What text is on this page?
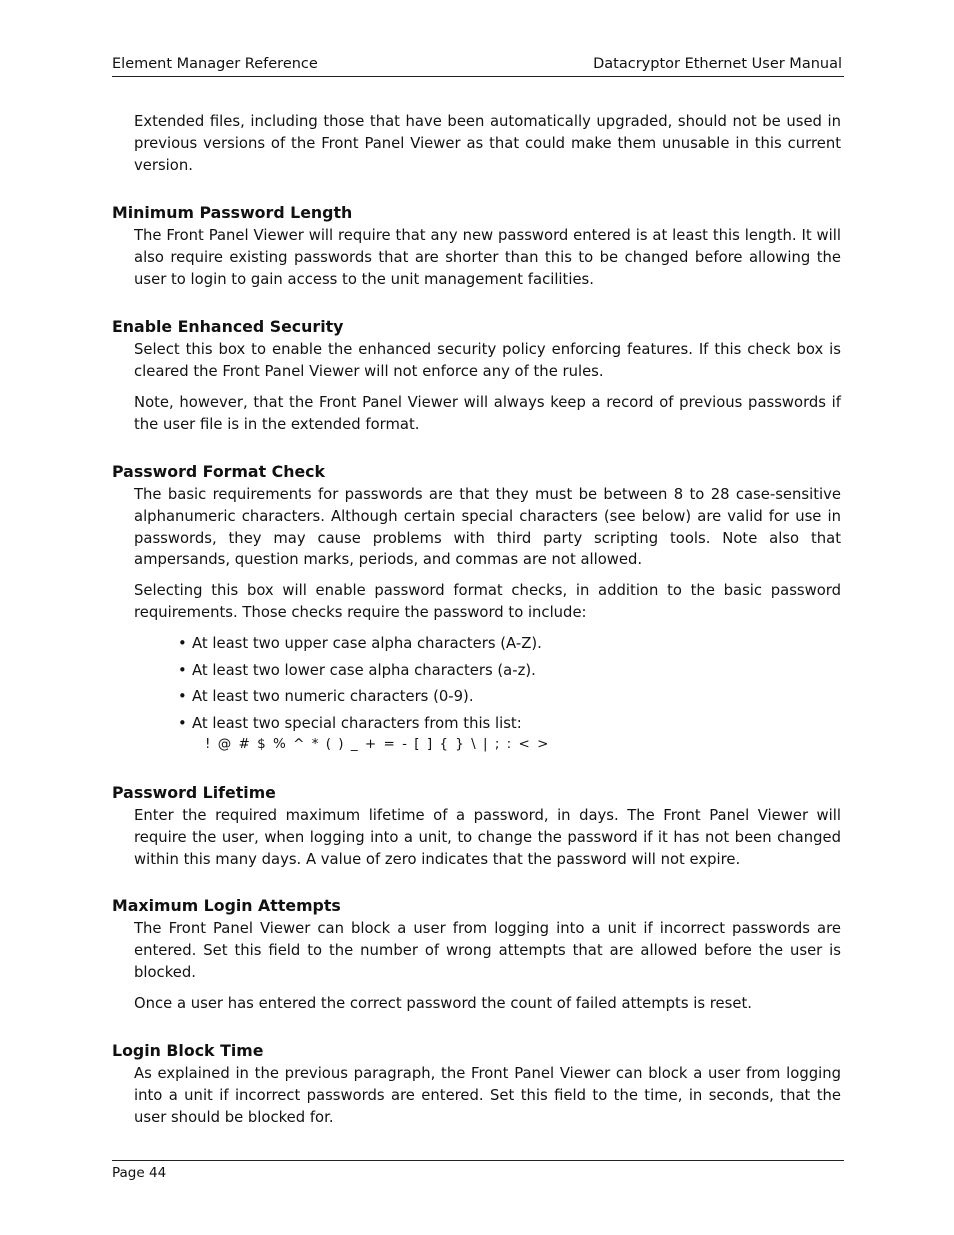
Element Manager Reference	Datacryptor Ethernet User Manual

Extended files, including those that have been automatically upgraded, should not be used in previous versions of the Front Panel Viewer as that could make them unusable in this current version.

Minimum Password Length

The Front Panel Viewer will require that any new password entered is at least this length. It will also require existing passwords that are shorter than this to be changed before allowing the user to login to gain access to the unit management facilities.

Enable Enhanced Security

Select this box to enable the enhanced security policy enforcing features. If this check box is cleared the Front Panel Viewer will not enforce any of the rules.

Note, however, that the Front Panel Viewer will always keep a record of previous passwords if the user file is in the extended format.

Password Format Check

The basic requirements for passwords are that they must be between 8 to 28 case-sensitive alphanumeric characters. Although certain special characters (see below) are valid for use in passwords, they may cause problems with third party scripting tools. Note also that ampersands, question marks, periods, and commas are not allowed.

Selecting this box will enable password format checks, in addition to the basic password requirements. Those checks require the password to include:

• At least two upper case alpha characters (A-Z).
• At least two lower case alpha characters (a-z).
• At least two numeric characters (0-9).
• At least two special characters from this list:
! @ # $ % ^ * ( ) _ + = - [ ] { } \ | ; : < >
Password Lifetime

Enter the required maximum lifetime of a password, in days. The Front Panel Viewer will require the user, when logging into a unit, to change the password if it has not been changed within this many days. A value of zero indicates that the password will not expire.

Maximum Login Attempts

The Front Panel Viewer can block a user from logging into a unit if incorrect passwords are entered. Set this field to the number of wrong attempts that are allowed before the user is blocked.

Once a user has entered the correct password the count of failed attempts is reset.

Login Block Time

As explained in the previous paragraph, the Front Panel Viewer can block a user from logging into a unit if incorrect passwords are entered. Set this field to the time, in seconds, that the user should be blocked for.

Page 44
